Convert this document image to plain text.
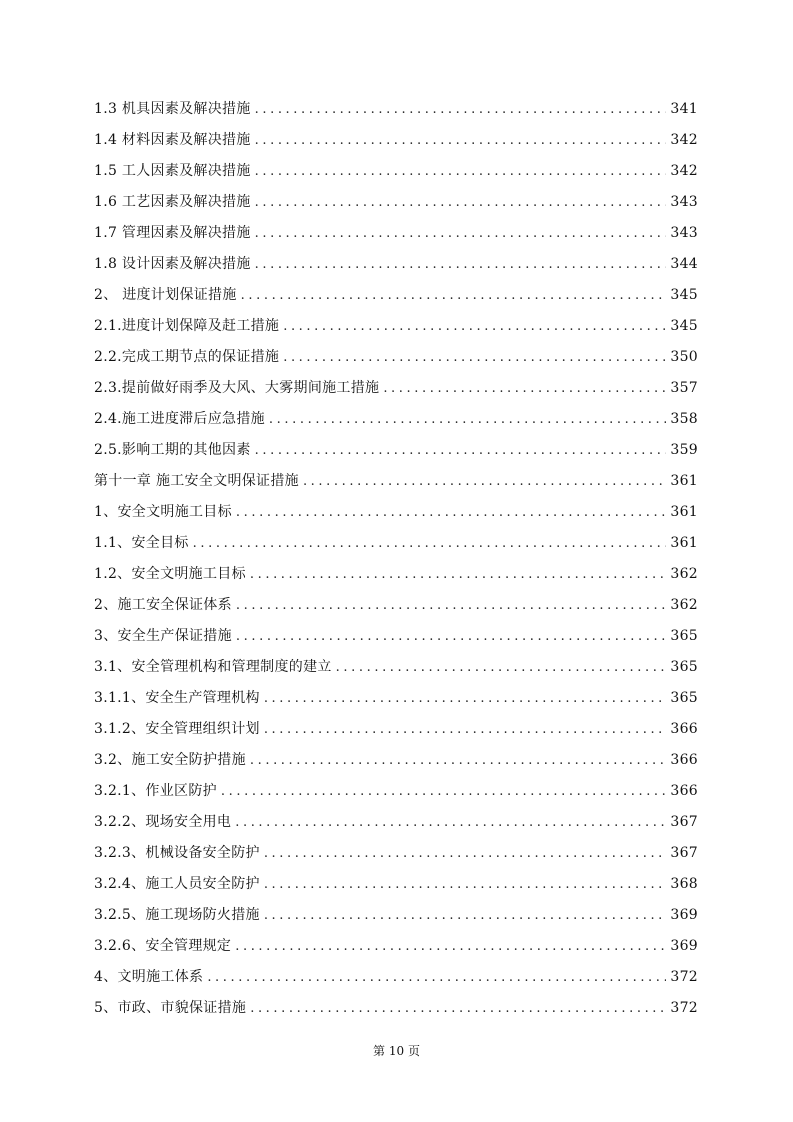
1.3 机具因素及解决措施 .....	341
1.4 材料因素及解决措施 .....	342
1.5 工人因素及解决措施 .....	342
1.6 工艺因素及解决措施 .....	343
1.7 管理因素及解决措施 .....	343
1.8 设计因素及解决措施 .....	344
2、 进度计划保证措施 .....	345
2.1.进度计划保障及赶工措施 .....	345
2.2.完成工期节点的保证措施 .....	350
2.3.提前做好雨季及大风、大雾期间施工措施 .....	357
2.4.施工进度滞后应急措施 .....	358
2.5.影响工期的其他因素 .....	359
第十一章 施工安全文明保证措施 .....	361
1、安全文明施工目标 .....	361
1.1、安全目标 .....	361
1.2、安全文明施工目标 .....	362
2、施工安全保证体系 .....	362
3、安全生产保证措施 .....	365
3.1、安全管理机构和管理制度的建立 .....	365
3.1.1、安全生产管理机构 .....	365
3.1.2、安全管理组织计划 .....	366
3.2、施工安全防护措施 .....	366
3.2.1、作业区防护 .....	366
3.2.2、现场安全用电 .....	367
3.2.3、机械设备安全防护 .....	367
3.2.4、施工人员安全防护 .....	368
3.2.5、施工现场防火措施 .....	369
3.2.6、安全管理规定 .....	369
4、文明施工体系 .....	372
5、市政、市貌保证措施 .....	372
第 10 页
